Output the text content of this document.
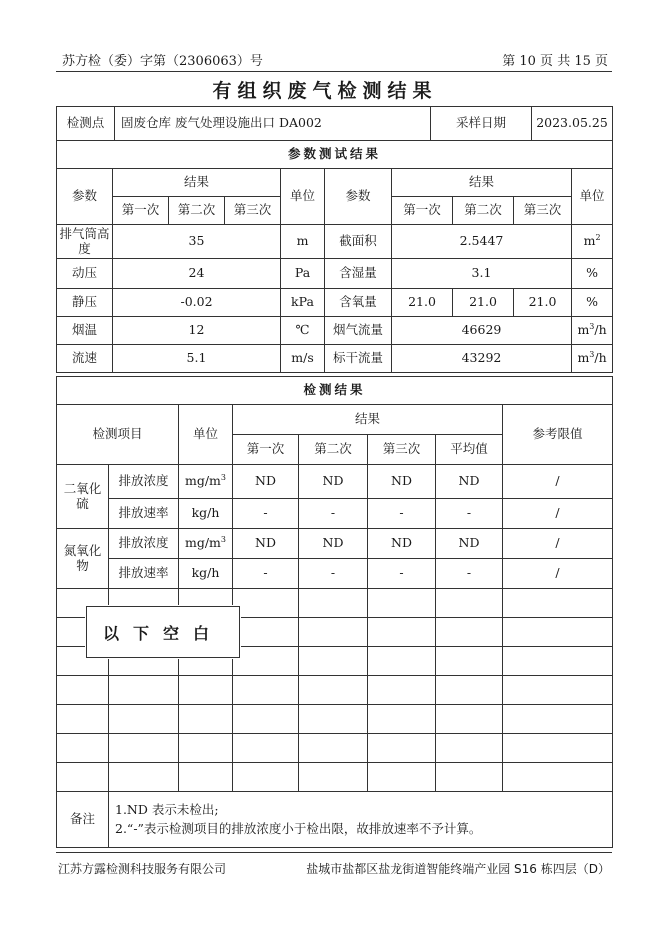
苏方检（委）字第（2306063）号	第 10 页 共 15 页
有组织废气检测结果
检测点	固废仓库 废气处理设施出口 DA002	采样日期	2023.05.25
参数测试结果									
参数	结果			单位	参数	结果			单位
	第一次	第二次	第三次			第一次	第二次	第三次	
排气筒高度	35			m	截面积	2.5447			$m^2$
动压	24			Pa	含湿量	3.1			%
静压	-0.02			kPa	含氧量	21.0	21.0	21.0	%
烟温	12			℃	烟气流量	46629			$m^3/h$
流速	5.1			m/s	标干流量	43292			$m^3/h$
检测结果							
检测项目		单位	结果				参考限值
			第一次	第二次	第三次	平均值	
二氧化硫	排放浓度	$mg/m^3$	ND	ND	ND	ND	/
	排放速率	kg/h	-	-	-	-	/
氮氧化物	排放浓度	$mg/m^3$	ND	ND	ND	ND	/
	排放速率	kg/h	-	-	-	-	/

备注	1.ND 表示未检出;
2.“-”表示检测项目的排放浓度小于检出限，故排放速率不予计算。						
以下空白
江苏方露检测科技服务有限公司	盐城市盐都区盐龙街道智能终端产业园 S16 栋四层（D）
